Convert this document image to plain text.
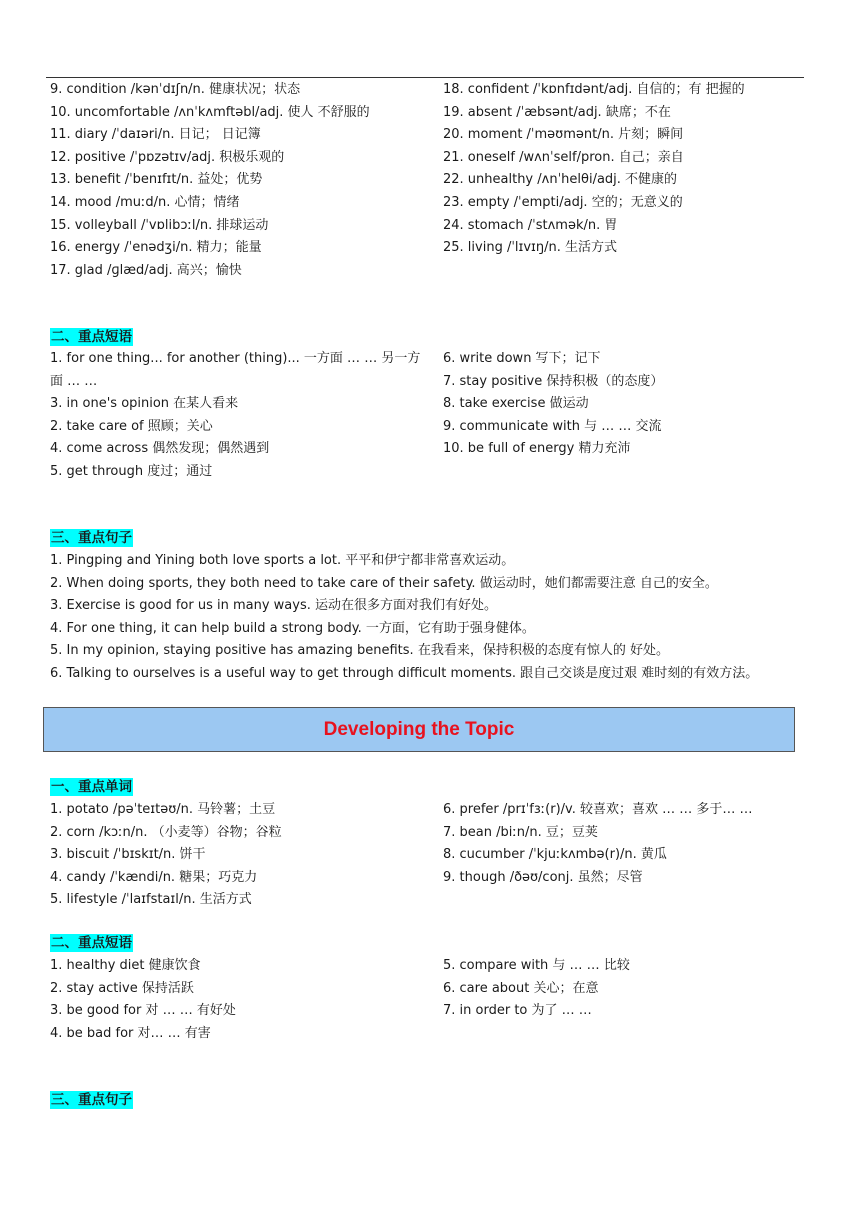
9. condition /kənˈdɪʃn/n. 健康状况；状态
10. uncomfortable /ʌnˈkʌmftəbl/adj. 使人 不舒服的
11. diary /ˈdaɪəri/n. 日记； 日记簿
12. positive /ˈpɒzətɪv/adj. 积极乐观的
13. benefit /ˈbenɪfɪt/n. 益处；优势
14. mood /muːd/n. 心情；情绪
15. volleyball /ˈvɒlibɔːl/n. 排球运动
16. energy /ˈenədʒi/n. 精力；能量
17. glad /ɡlæd/adj. 高兴；愉快
18. confident /ˈkɒnfɪdənt/adj. 自信的；有 把握的
19. absent /ˈæbsənt/adj. 缺席；不在
20. moment /ˈməʊmənt/n. 片刻；瞬间
21. oneself /wʌnˈself/pron. 自己；亲自
22. unhealthy /ʌnˈhelθi/adj. 不健康的
23. empty /ˈempti/adj. 空的；无意义的
24. stomach /ˈstʌmək/n. 胃
25. living /ˈlɪvɪŋ/n. 生活方式
二、重点短语
1. for one thing... for another (thing)... 一方面 … … 另一方面 … …
3. in one's opinion 在某人看来
2. take care of 照顾；关心
4. come across 偶然发现；偶然遇到
5. get through 度过；通过
6. write down 写下；记下
7. stay positive 保持积极（的态度）
8. take exercise 做运动
9. communicate with 与 … … 交流
10. be full of energy 精力充沛
三、重点句子
1. Pingping and Yining both love sports a lot. 平平和伊宁都非常喜欢运动。
2. When doing sports, they both need to take care of their safety. 做运动时，她们都需要注意 自己的安全。
3. Exercise is good for us in many ways. 运动在很多方面对我们有好处。
4. For one thing, it can help build a strong body. 一方面，它有助于强身健体。
5. In my opinion, staying positive has amazing benefits. 在我看来，保持积极的态度有惊人的 好处。
6. Talking to ourselves is a useful way to get through difficult moments. 跟自己交谈是度过艰 难时刻的有效方法。
Developing the Topic
一、重点单词
1. potato /pəˈteɪtəʊ/n. 马铃薯；土豆
2. corn /kɔːn/n. （小麦等）谷物；谷粒
3. biscuit /ˈbɪskɪt/n. 饼干
4. candy /ˈkændi/n. 糖果；巧克力
5. lifestyle /ˈlaɪfstaɪl/n. 生活方式
6. prefer /prɪˈfɜː(r)/v. 较喜欢；喜欢 … … 多于… …
7. bean /biːn/n. 豆；豆荚
8. cucumber /ˈkjuːkʌmbə(r)/n. 黄瓜
9. though /ðəʊ/conj. 虽然；尽管
二、重点短语
1. healthy diet 健康饮食
2. stay active 保持活跃
3. be good for 对 … … 有好处
4. be bad for 对… … 有害
5. compare with 与 … … 比较
6. care about 关心；在意
7. in order to 为了 … …
三、重点句子
